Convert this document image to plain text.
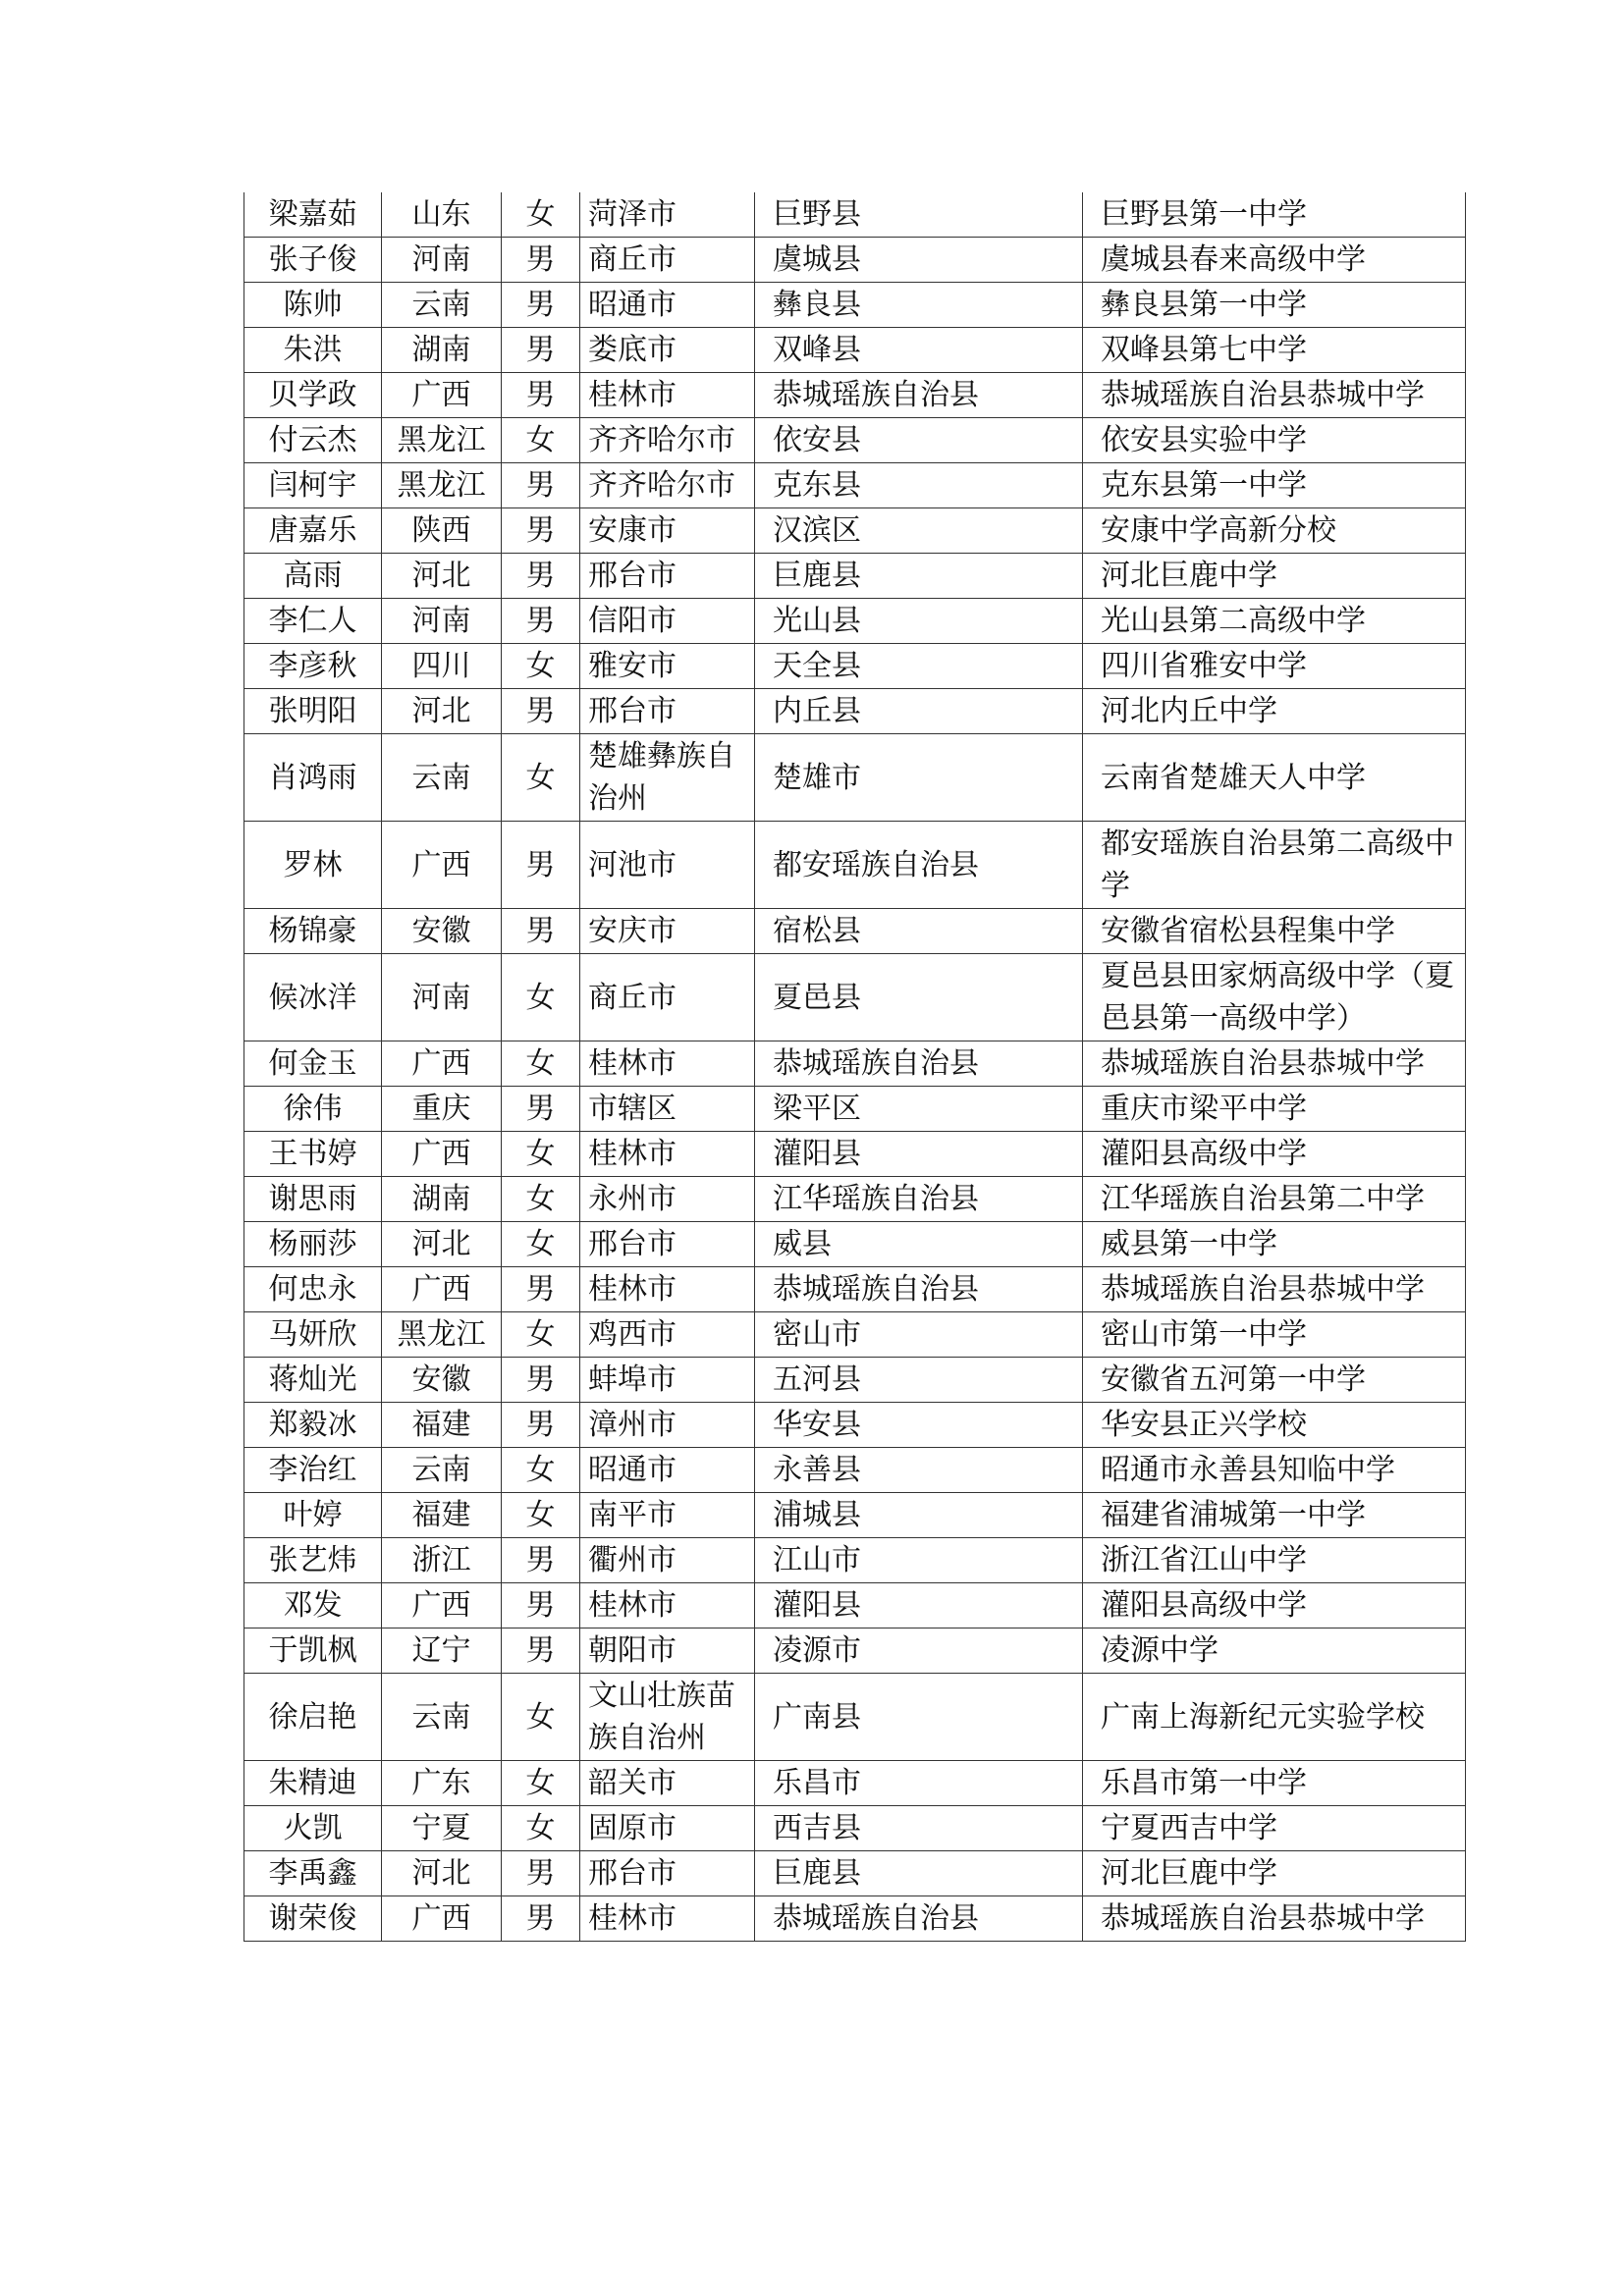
梁嘉茹	山东	女	菏泽市	巨野县	巨野县第一中学
张子俊	河南	男	商丘市	虞城县	虞城县春来高级中学
陈帅	云南	男	昭通市	彝良县	彝良县第一中学
朱洪	湖南	男	娄底市	双峰县	双峰县第七中学
贝学政	广西	男	桂林市	恭城瑶族自治县	恭城瑶族自治县恭城中学
付云杰	黑龙江	女	齐齐哈尔市	依安县	依安县实验中学
闫柯宇	黑龙江	男	齐齐哈尔市	克东县	克东县第一中学
唐嘉乐	陕西	男	安康市	汉滨区	安康中学高新分校
高雨	河北	男	邢台市	巨鹿县	河北巨鹿中学
李仁人	河南	男	信阳市	光山县	光山县第二高级中学
李彦秋	四川	女	雅安市	天全县	四川省雅安中学
张明阳	河北	男	邢台市	内丘县	河北内丘中学
肖鸿雨	云南	女	楚雄彝族自治州	楚雄市	云南省楚雄天人中学
罗林	广西	男	河池市	都安瑶族自治县	都安瑶族自治县第二高级中学
杨锦豪	安徽	男	安庆市	宿松县	安徽省宿松县程集中学
候冰洋	河南	女	商丘市	夏邑县	夏邑县田家炳高级中学（夏邑县第一高级中学）
何金玉	广西	女	桂林市	恭城瑶族自治县	恭城瑶族自治县恭城中学
徐伟	重庆	男	市辖区	梁平区	重庆市梁平中学
王书婷	广西	女	桂林市	灌阳县	灌阳县高级中学
谢思雨	湖南	女	永州市	江华瑶族自治县	江华瑶族自治县第二中学
杨丽莎	河北	女	邢台市	威县	威县第一中学
何忠永	广西	男	桂林市	恭城瑶族自治县	恭城瑶族自治县恭城中学
马妍欣	黑龙江	女	鸡西市	密山市	密山市第一中学
蒋灿光	安徽	男	蚌埠市	五河县	安徽省五河第一中学
郑毅冰	福建	男	漳州市	华安县	华安县正兴学校
李治红	云南	女	昭通市	永善县	昭通市永善县知临中学
叶婷	福建	女	南平市	浦城县	福建省浦城第一中学
张艺炜	浙江	男	衢州市	江山市	浙江省江山中学
邓发	广西	男	桂林市	灌阳县	灌阳县高级中学
于凯枫	辽宁	男	朝阳市	凌源市	凌源中学
徐启艳	云南	女	文山壮族苗族自治州	广南县	广南上海新纪元实验学校
朱精迪	广东	女	韶关市	乐昌市	乐昌市第一中学
火凯	宁夏	女	固原市	西吉县	宁夏西吉中学
李禹鑫	河北	男	邢台市	巨鹿县	河北巨鹿中学
谢荣俊	广西	男	桂林市	恭城瑶族自治县	恭城瑶族自治县恭城中学
